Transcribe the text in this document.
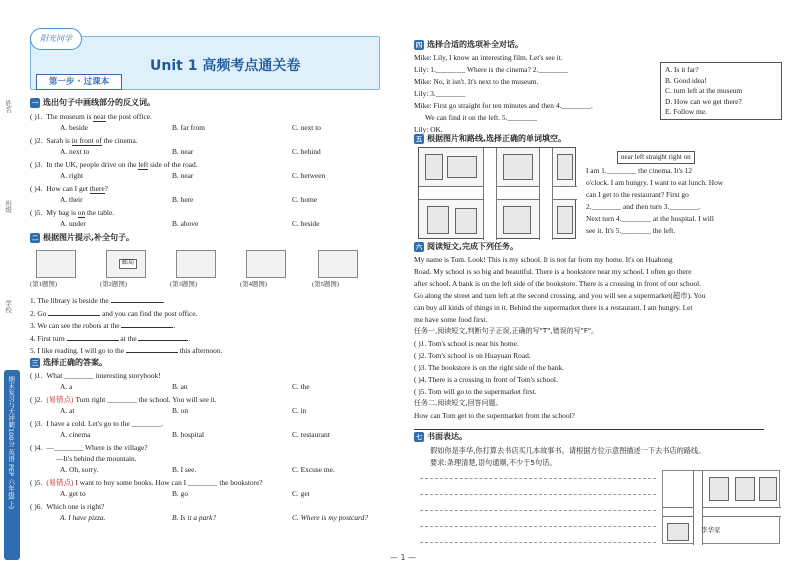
姓名
班级
学校
期末复习与大冲刺100分 英语 PEP 六年级(上)
阳光同学
第一步 · 过课本
Unit 1 高频考点通关卷
一 选出句子中画线部分的反义词。
( )1. The museum is near the post office.
A. beside	B. far from	C. next to
( )2. Sarah is in front of the cinema.
A. next to	B. near	C. behind
( )3. In the UK, people drive on the left side of the road.
A. right	B. near	C. between
( )4. How can I get there?
A. their	B. here	C. home
( )5. My bag is on the table.
A. under	B. above	C. beside
二 根据图片提示,补全句子。
(第1题图)
邮局
(第2题图)	(第3题图)	(第4题图)	(第5题图)
1. The library is beside the	.
2. Go	and you can find the post office.
3. We can see the robots at the	.
4. First turn	at the	.
5. I like reading. I will go to the	this afternoon.
三 选择正确的答案。
( )1. What ________ interesting storybook!
A. a	B. an	C. the
( )2. (易错点) Turn right ________ the school. You will see it.
A. at	B. on	C. in
( )3. I have a cold. Let's go to the ________.
A. cinema	B. hospital	C. restaurant
( )4. —________ Where is the village?
—It's behind the mountain.
A. Oh, sorry.	B. I see.	C. Excuse me.
( )5. (易错点) I want to buy some books. How can I ________ the bookstore?
A. get to	B. go	C. get
( )6. Which one is right?
A. I have pizza.	B. Is it a park?	C. Where is my postcard?
四 选择合适的选项补全对话。
Mike: Lily, I know an interesting film. Let's see it.
Lily: 1.________ Where is the cinema? 2.________
Mike: No, it isn't. It's next to the museum.
Lily: 3.________
Mike: First go straight for ten minutes and then 4.________.
We can find it on the left. 5.________
Lily: OK.
A. Is it far?
B. Good idea!
C. turn left at the museum
D. How can we get there?
E. Follow me.
五 根据图片和路线,选择正确的单词填空。
near left straight right on
I am 1.________ the cinema. It's 12
o'clock. I am hungry. I want to eat lunch. How
can I get to the restaurant? First go
2.________ and then turn 3.________.
Next turn 4.________ at the hospital. I will
see it. It's 5.________ the left.
六 阅读短文,完成下列任务。
My name is Tom. Look! This is my school. It is not far from my home. It's on Huahong
Road. My school is so big and beautiful. There is a bookstore near my school. I often go there
after school. A bank is on the left side of the bookstore. There is a crossing in front of our school.
Go along the street and turn left at the second crossing, and you will see a supermarket(超市). You
can buy all kinds of things in it. Behind the supermarket there is a restaurant. I am hungry. Let
me have some food first.
任务一,阅读短文,判断句子正误,正确的写"T",错误的写"F"。
( )1. Tom's school is near his home.
( )2. Tom's school is on Huayuan Road.
( )3. The bookstore is on the right side of the bank.
( )4. There is a crossing in front of Tom's school.
( )5. Tom will go to the supermarket first.
任务二,阅读短文,回答问题。
How can Tom get to the supermarket from the school?
七 书面表达。
假如你是李华,你打算去书店买几本故事书。请根据方位示意图描述一下去书店的路线。
要求:条理清楚,语句通顺,不少于5句话。
李华家
— 1 —
